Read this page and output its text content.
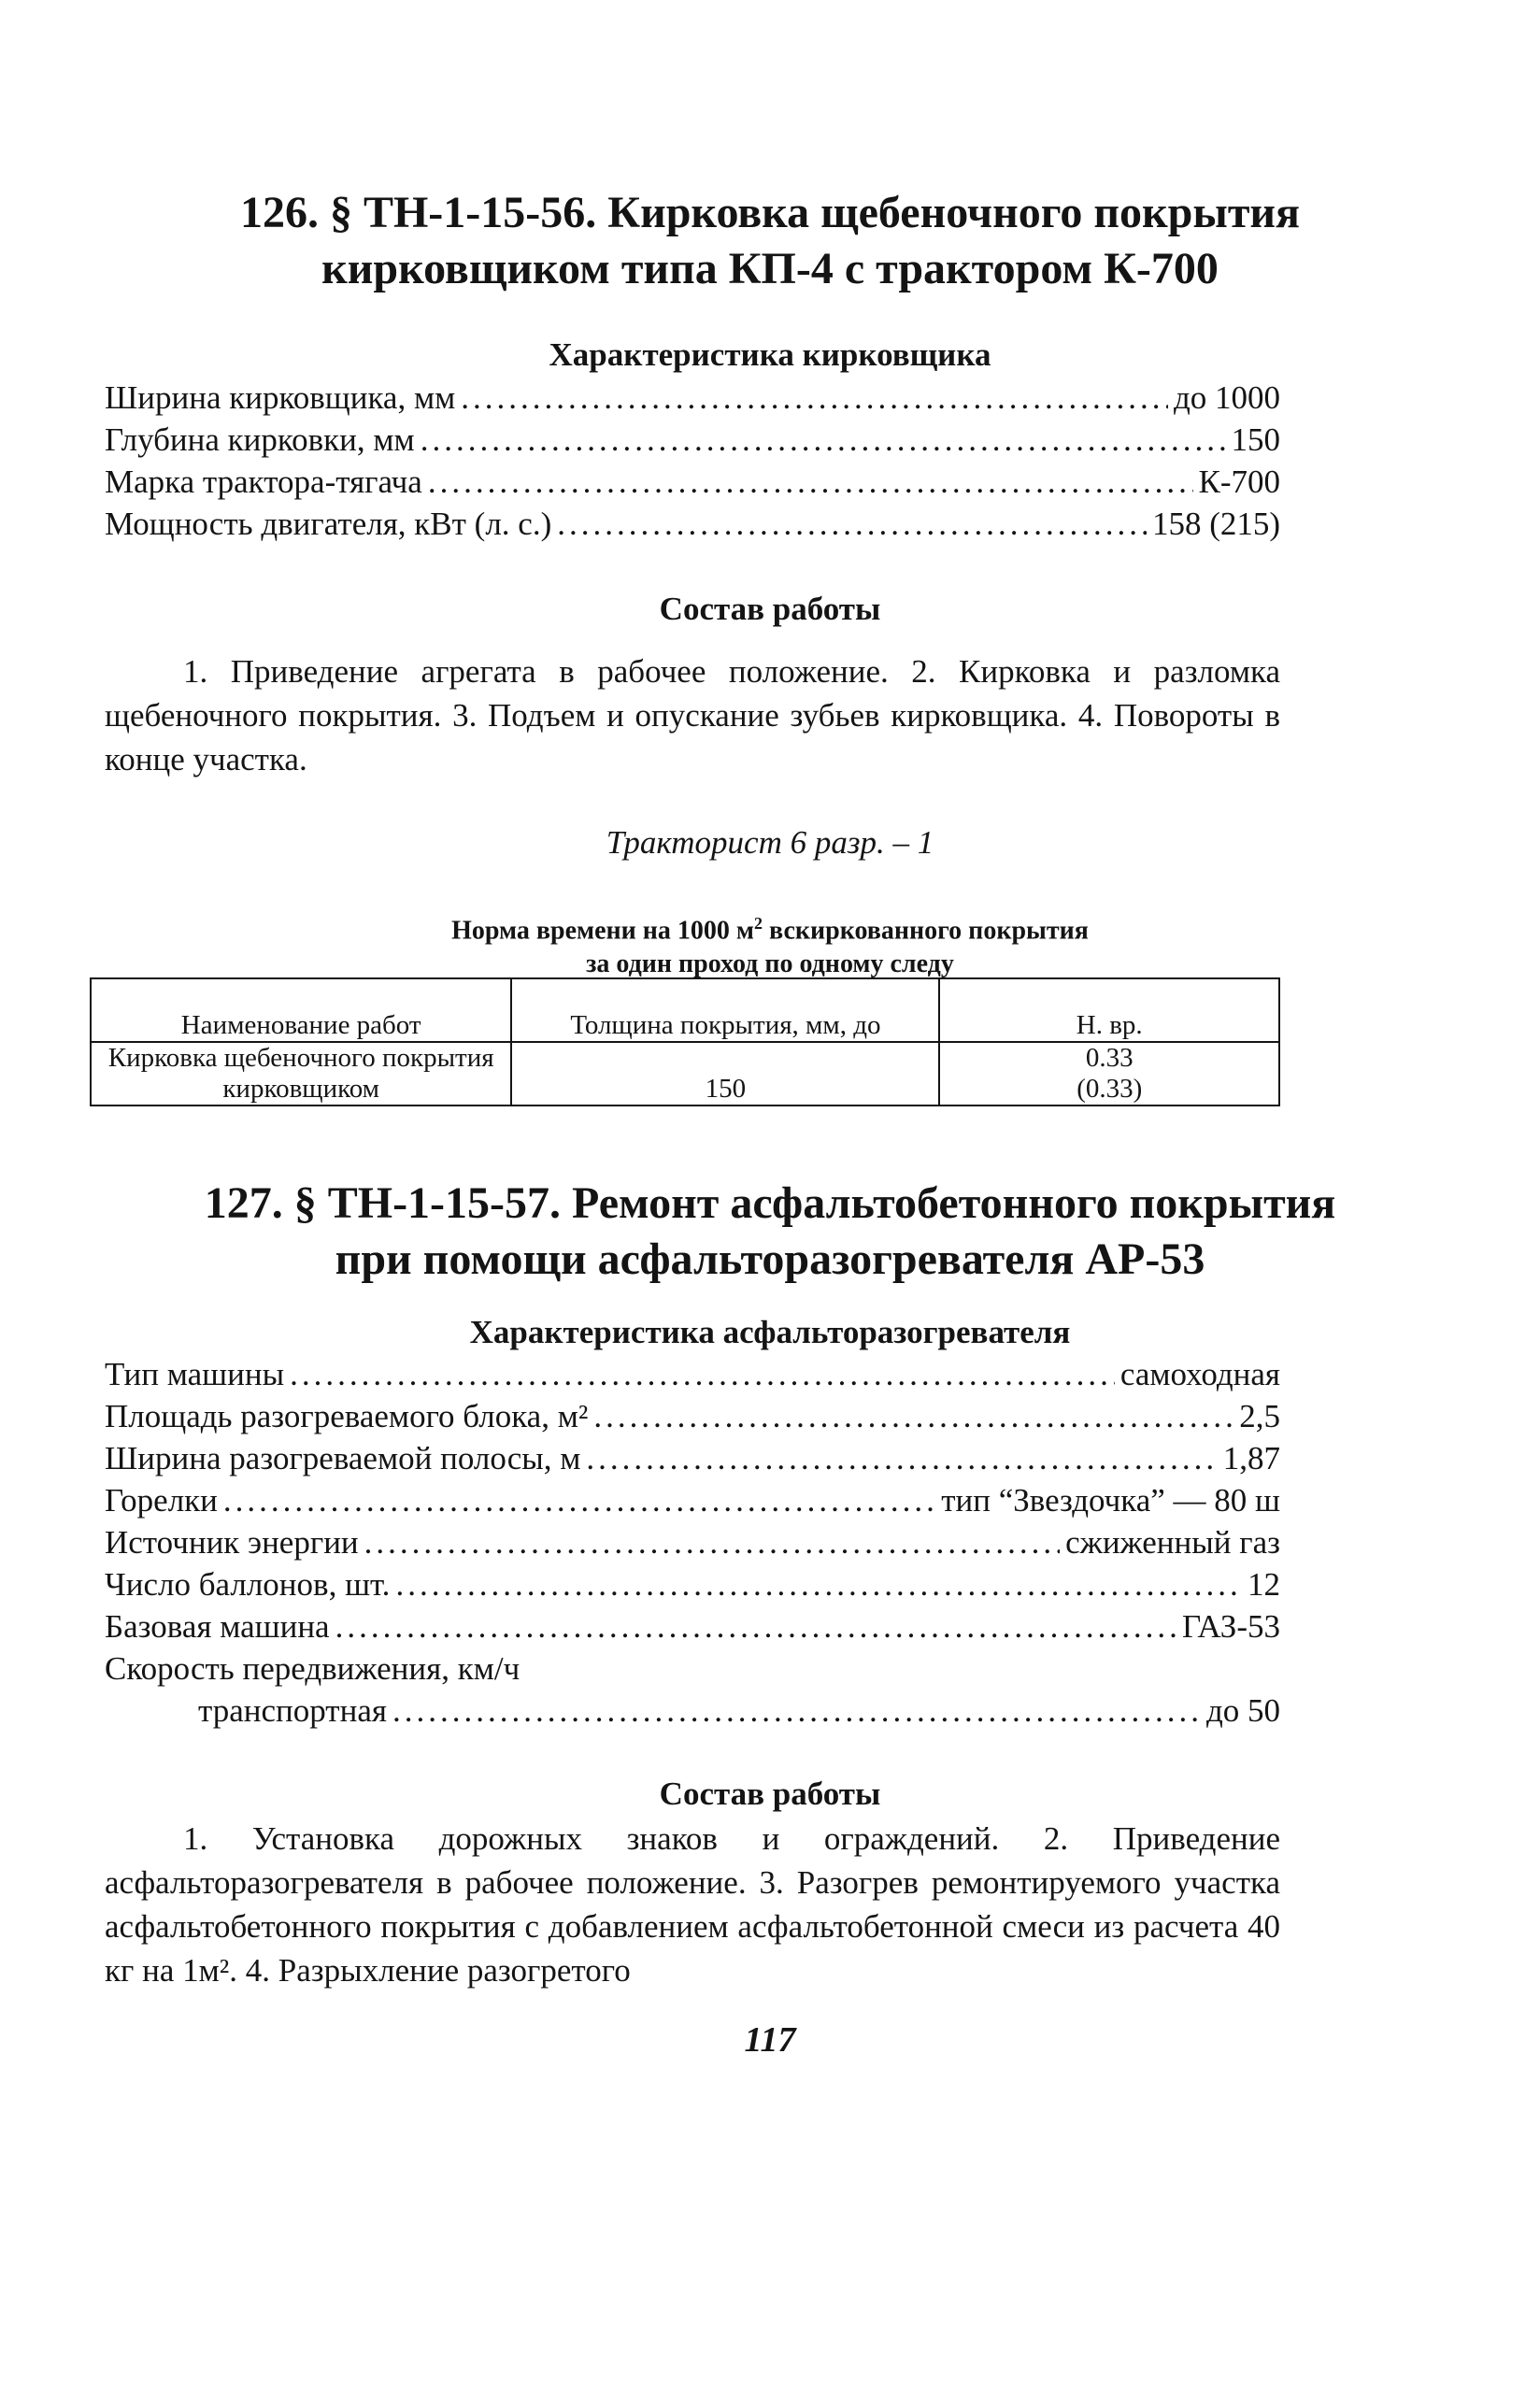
126. § ТН-1-15-56. Кирковка щебеночного покрытия
кирковщиком типа КП-4 с трактором К-700
Характеристика кирковщика
Ширина кирковщика, мм .....	до 1000
Глубина кирковки, мм .....	150
Марка трактора-тягача .....	К-700
Мощность двигателя, кВт (л. с.) .....	158 (215)
Состав работы
1. Приведение агрегата в рабочее положение. 2. Кирковка и разломка щебеночного покрытия. 3. Подъем и опускание зубьев кирковщика. 4. Повороты в конце участка.
Тракторист 6 разр. – 1
Норма времени на 1000 $м^2$ вскиркованного покрытия
за один проход по одному следу
Наименование работ	Толщина покрытия, мм, до	Н. вр.
Кирковка щебеночного покрытия кирковщиком	150	0.33
(0.33)
127. § ТН-1-15-57. Ремонт асфальтобетонного покрытия
при помощи асфальторазогревателя АР-53
Характеристика асфальторазогревателя
Тип машины .....	самоходная
Площадь разогреваемого блока, м² .....	2,5
Ширина разогреваемой полосы, м .....	1,87
Горелки .....	тип “Звездочка” — 80 ш
Источник энергии .....	сжиженный газ
Число баллонов, шт. .....	12
Базовая машина .....	ГАЗ-53
Скорость передвижения, км/ч
транспортная .....	до 50
Состав работы
1. Установка дорожных знаков и ограждений. 2. Приведение асфальторазогревателя в рабочее положение. 3. Разогрев ремонтируемого участка асфальтобетонного покрытия с добавлением асфальтобетонной смеси из расчета 40 кг на 1м². 4. Разрыхление разогретого
117
